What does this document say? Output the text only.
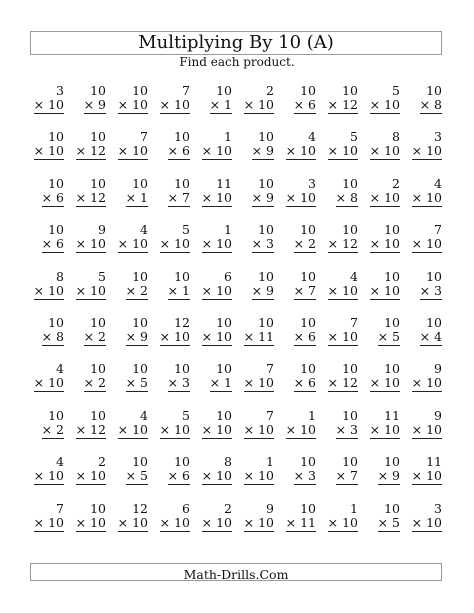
Multiplying By 10 (A)
Find each product.
3
× 10
10
× 9
10
× 10
7
× 10
10
× 1
2
× 10
10
× 6
10
× 12
5
× 10
10
× 8
10
× 10
10
× 12
7
× 10
10
× 6
1
× 10
10
× 9
4
× 10
5
× 10
8
× 10
3
× 10
10
× 6
10
× 12
10
× 1
10
× 7
11
× 10
10
× 9
3
× 10
10
× 8
2
× 10
4
× 10
10
× 6
9
× 10
4
× 10
5
× 10
1
× 10
10
× 3
10
× 2
10
× 12
10
× 10
7
× 10
8
× 10
5
× 10
10
× 2
10
× 1
6
× 10
10
× 9
10
× 7
4
× 10
10
× 10
10
× 3
10
× 8
10
× 2
10
× 9
12
× 10
10
× 10
10
× 11
10
× 6
7
× 10
10
× 5
10
× 4
4
× 10
10
× 2
10
× 5
10
× 3
10
× 1
7
× 10
10
× 6
10
× 12
10
× 10
9
× 10
10
× 2
10
× 12
4
× 10
5
× 10
10
× 10
7
× 10
1
× 10
10
× 3
11
× 10
9
× 10
4
× 10
2
× 10
10
× 5
10
× 6
8
× 10
1
× 10
10
× 3
10
× 7
10
× 9
11
× 10
7
× 10
10
× 10
12
× 10
6
× 10
2
× 10
9
× 10
10
× 11
1
× 10
10
× 5
3
× 10
Math-Drills.Com
